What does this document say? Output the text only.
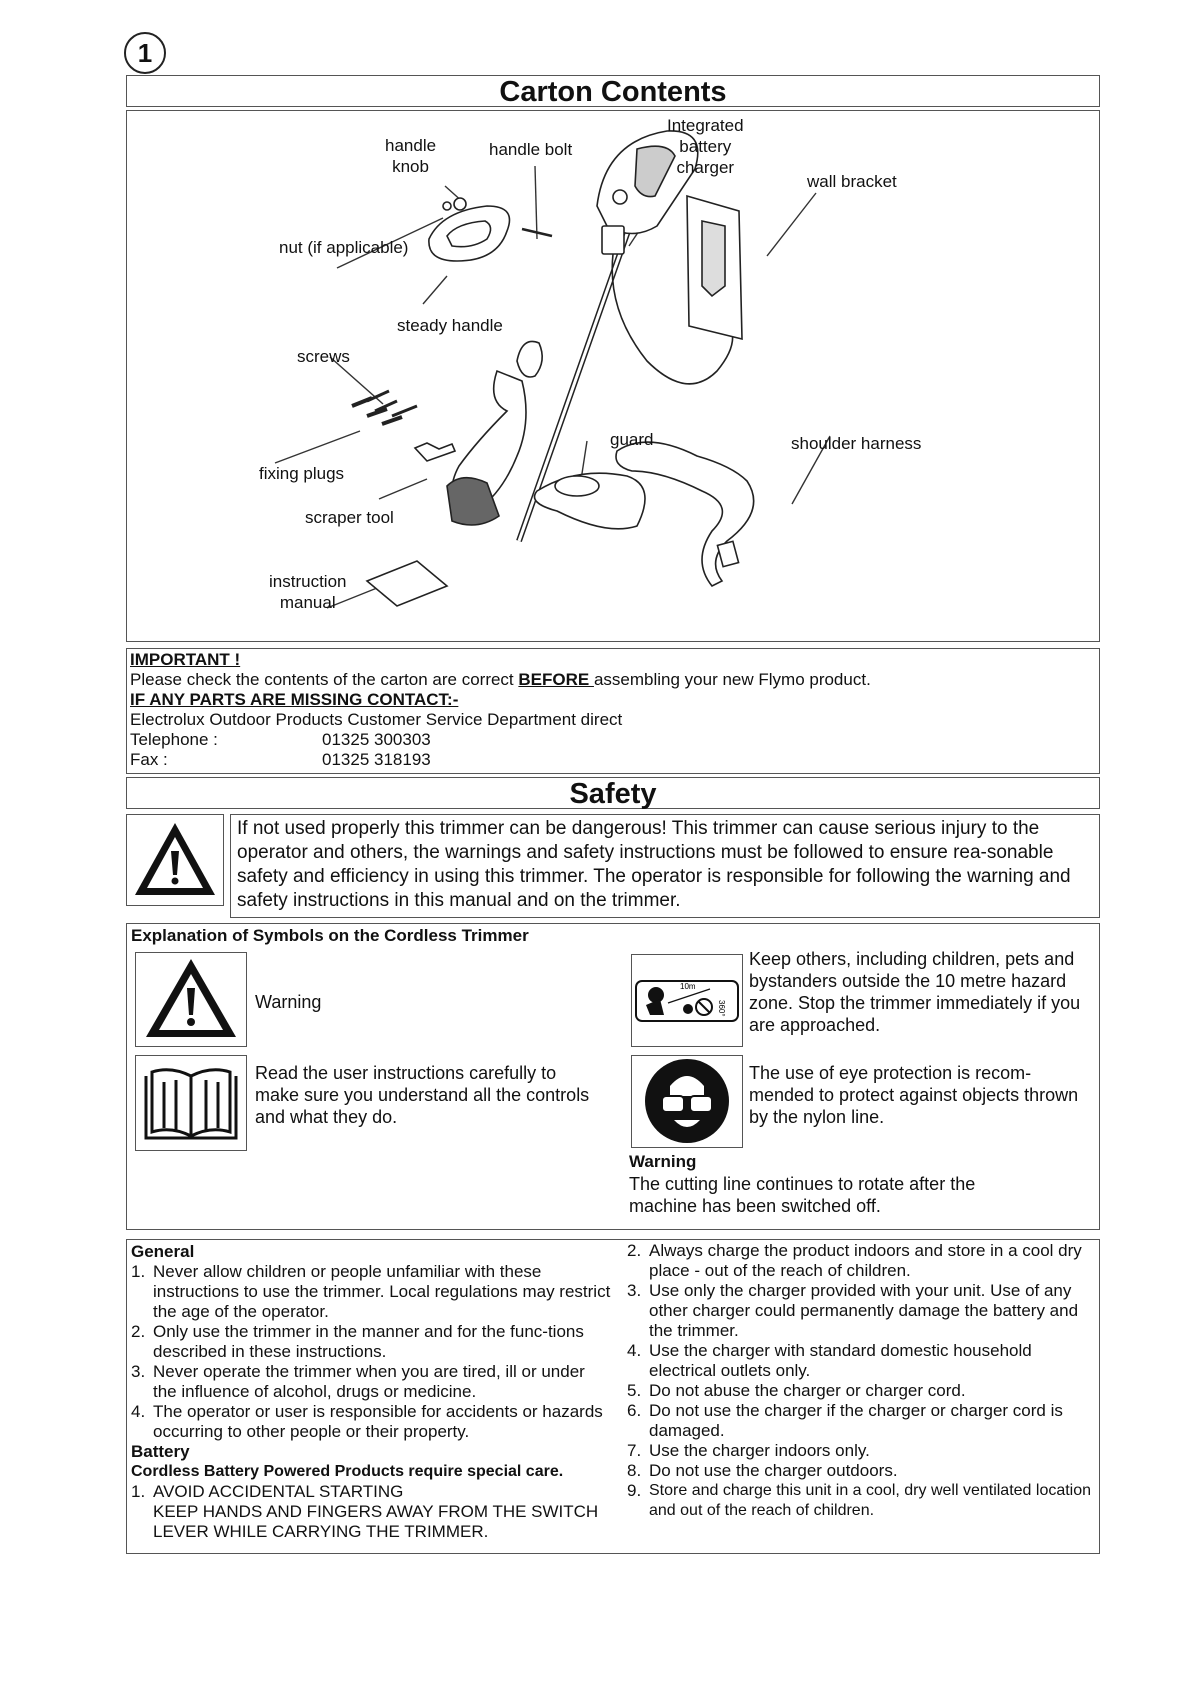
1
Carton Contents
handle
knob
handle bolt
Integrated
battery
charger
wall bracket
nut (if applicable)
steady handle
screws
guard	shoulder harness
fixing plugs
scraper tool
instruction
manual
IMPORTANT !
Please check the contents of the carton are correct BEFORE assembling your new Flymo product.
IF ANY PARTS ARE MISSING CONTACT:-
Electrolux Outdoor Products Customer Service Department direct
Telephone :	01325 300303
Fax :	01325 318193
Safety
If not used properly this trimmer can be dangerous! This trimmer can cause serious injury to the operator and others, the warnings and safety instructions must be followed to ensure rea-sonable safety and efficiency in using this trimmer. The operator is responsible for following the warning and safety instructions in this manual and on the trimmer.
Explanation of Symbols on the Cordless Trimmer
Warning
Read the user instructions carefully to make sure you understand all the controls and what they do.
10m
360°
Keep others, including children, pets and bystanders outside the 10 metre hazard zone. Stop the trimmer immediately if you are approached.
The use of eye protection is recom-mended to protect against objects thrown by the nylon line.
Warning
The cutting line continues to rotate after the machine has been switched off.
General
1. Never allow children or people unfamiliar with these instructions to use the trimmer. Local regulations may restrict the age of the operator.
2. Only use the trimmer in the manner and for the func-tions described in these instructions.
3. Never operate the trimmer when you are tired, ill or under the influence of alcohol, drugs or medicine.
4. The operator or user is responsible for accidents or hazards occurring to other people or their property.
Battery
Cordless Battery Powered Products require special care.
1. AVOID ACCIDENTAL STARTING
KEEP HANDS AND FINGERS AWAY FROM THE SWITCH LEVER WHILE CARRYING THE TRIMMER.
2. Always charge the product indoors and store in a cool dry place - out of the reach of children.
3. Use only the charger provided with your unit. Use of any other charger could permanently damage the battery and the trimmer.
4. Use the charger with standard domestic household electrical outlets only.
5. Do not abuse the charger or charger cord.
6. Do not use the charger if the charger or charger cord is damaged.
7. Use the charger indoors only.
8. Do not use the charger outdoors.
9. Store and charge this unit in a cool, dry well ventilated location and out of the reach of children.
